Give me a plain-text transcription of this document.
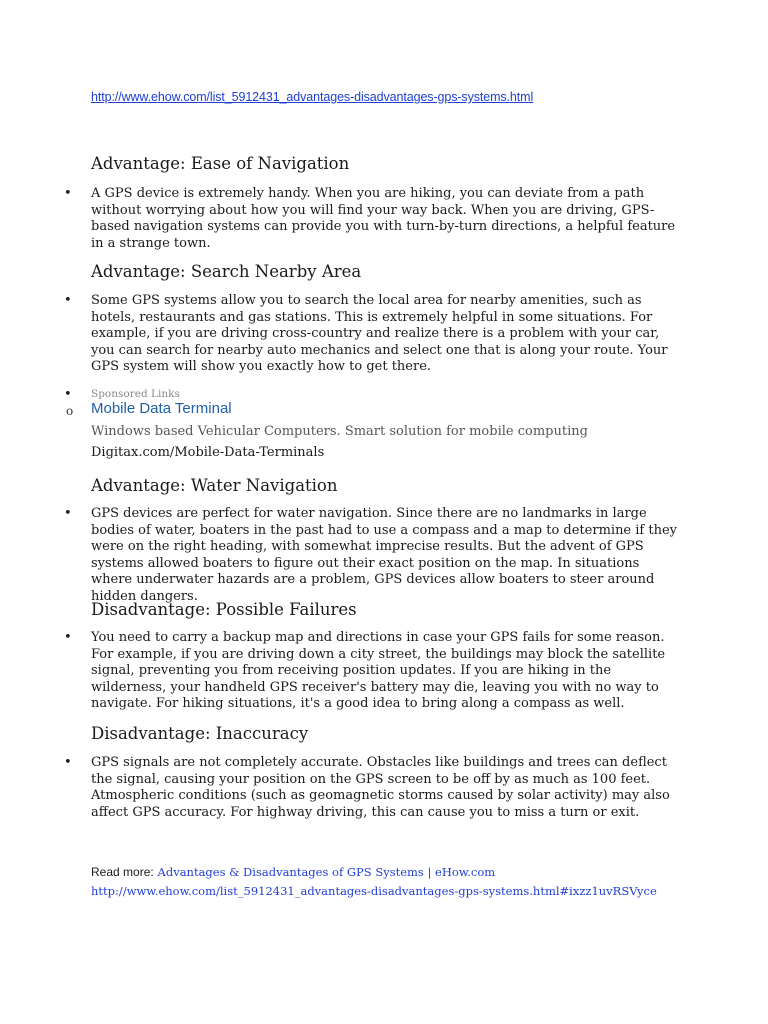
http://www.ehow.com/list_5912431_advantages-disadvantages-gps-systems.html
Advantage: Ease of Navigation
•	A GPS device is extremely handy. When you are hiking, you can deviate from a path without worrying about how you will find your way back. When you are driving, GPS-based navigation systems can provide you with turn-by-turn directions, a helpful feature in a strange town.
Advantage: Search Nearby Area
•	Some GPS systems allow you to search the local area for nearby amenities, such as hotels, restaurants and gas stations. This is extremely helpful in some situations. For example, if you are driving cross-country and realize there is a problem with your car, you can search for nearby auto mechanics and select one that is along your route. Your GPS system will show you exactly how to get there.
• Sponsored Links
o Mobile Data Terminal
Windows based Vehicular Computers. Smart solution for mobile computing
Digitax.com/Mobile-Data-Terminals
Advantage: Water Navigation
•	GPS devices are perfect for water navigation. Since there are no landmarks in large bodies of water, boaters in the past had to use a compass and a map to determine if they were on the right heading, with somewhat imprecise results. But the advent of GPS systems allowed boaters to figure out their exact position on the map. In situations where underwater hazards are a problem, GPS devices allow boaters to steer around hidden dangers.
Disadvantage: Possible Failures
•	You need to carry a backup map and directions in case your GPS fails for some reason. For example, if you are driving down a city street, the buildings may block the satellite signal, preventing you from receiving position updates. If you are hiking in the wilderness, your handheld GPS receiver's battery may die, leaving you with no way to navigate. For hiking situations, it's a good idea to bring along a compass as well.
Disadvantage: Inaccuracy
•	GPS signals are not completely accurate. Obstacles like buildings and trees can deflect the signal, causing your position on the GPS screen to be off by as much as 100 feet. Atmospheric conditions (such as geomagnetic storms caused by solar activity) may also affect GPS accuracy. For highway driving, this can cause you to miss a turn or exit.
Read more: Advantages & Disadvantages of GPS Systems | eHow.com http://www.ehow.com/list_5912431_advantages-disadvantages-gps-systems.html#ixzz1uvRSVyce
